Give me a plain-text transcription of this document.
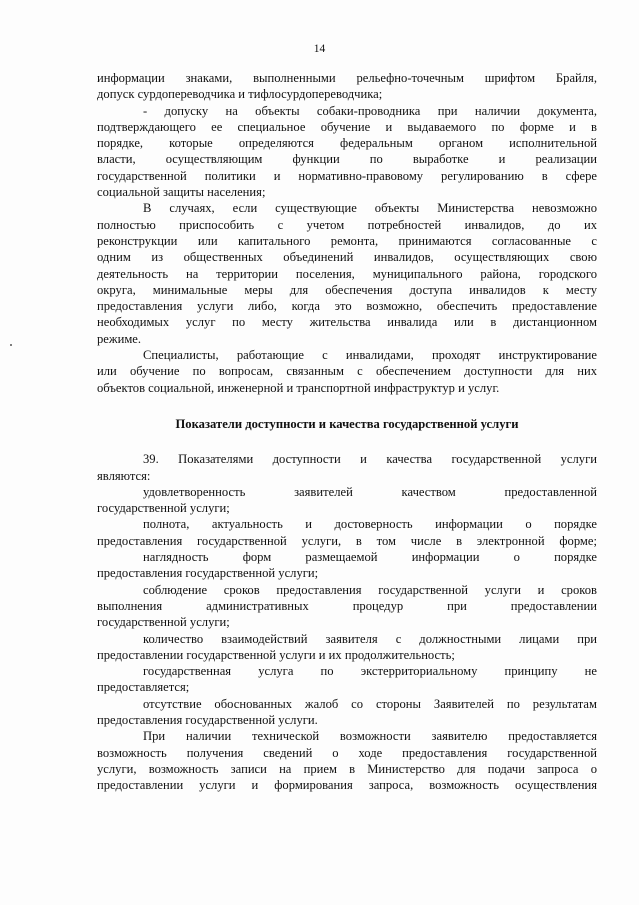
14
информации знаками, выполненными рельефно-точечным шрифтом Брайля,
допуск сурдопереводчика и тифлосурдопереводчика;
- допуску на объекты собаки-проводника при наличии документа,
подтверждающего ее специальное обучение и выдаваемого по форме и в
порядке, которые определяются федеральным органом исполнительной
власти, осуществляющим функции по выработке и реализации
государственной политики и нормативно-правовому регулированию в сфере
социальной защиты населения;
В случаях, если существующие объекты Министерства невозможно
полностью приспособить с учетом потребностей инвалидов, до их
реконструкции или капитального ремонта, принимаются согласованные с
одним из общественных объединений инвалидов, осуществляющих свою
деятельность на территории поселения, муниципального района, городского
округа, минимальные меры для обеспечения доступа инвалидов к месту
предоставления услуги либо, когда это возможно, обеспечить предоставление
необходимых услуг по месту жительства инвалида или в дистанционном
режиме.
Специалисты, работающие с инвалидами, проходят инструктирование
или обучение по вопросам, связанным с обеспечением доступности для них
объектов социальной, инженерной и транспортной инфраструктур и услуг.
Показатели доступности и качества государственной услуги
39. Показателями доступности и качества государственной услуги
являются:
удовлетворенность заявителей качеством предоставленной
государственной услуги;
полнота, актуальность и достоверность информации о порядке
предоставления государственной услуги, в том числе в электронной форме;
наглядность форм размещаемой информации о порядке
предоставления государственной услуги;
соблюдение сроков предоставления государственной услуги и сроков
выполнения административных процедур при предоставлении
государственной услуги;
количество взаимодействий заявителя с должностными лицами при
предоставлении государственной услуги и их продолжительность;
государственная услуга по экстерриториальному принципу не
предоставляется;
отсутствие обоснованных жалоб со стороны Заявителей по результатам
предоставления государственной услуги.
При наличии технической возможности заявителю предоставляется
возможность получения сведений о ходе предоставления государственной
услуги, возможность записи на прием в Министерство для подачи запроса о
предоставлении услуги и формирования запроса, возможность осуществления
